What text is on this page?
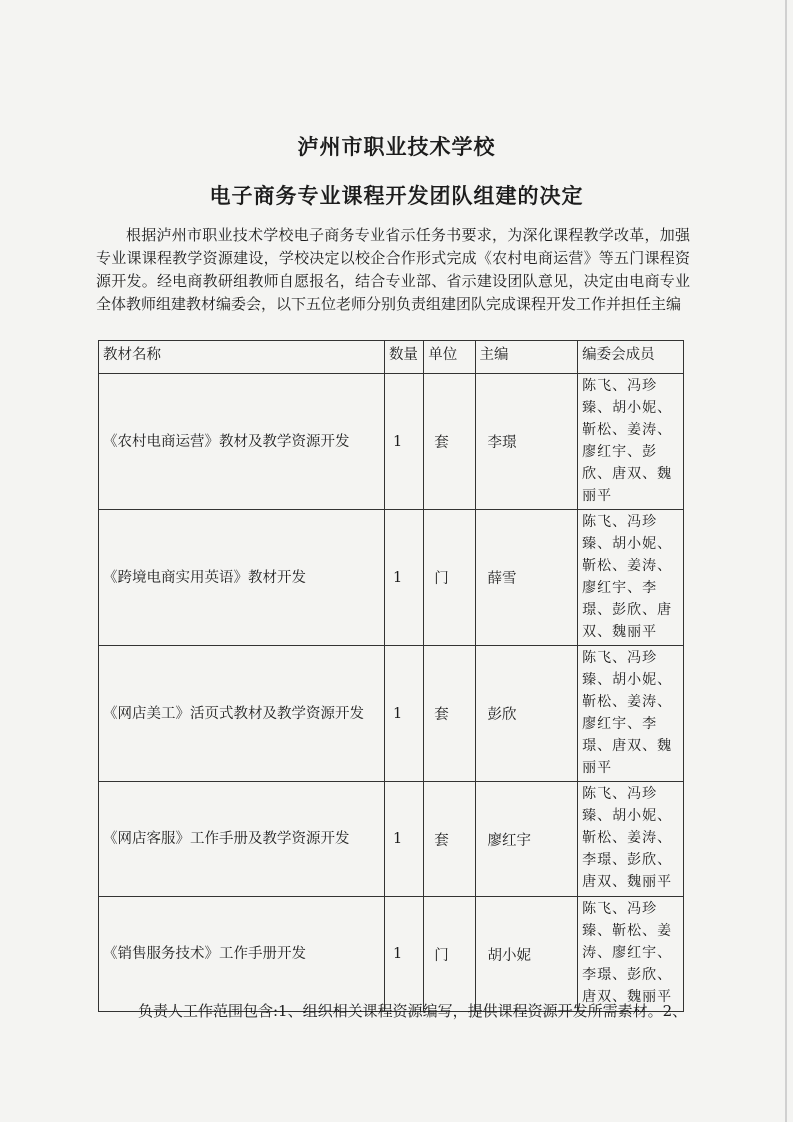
泸州市职业技术学校
电子商务专业课程开发团队组建的决定
根据泸州市职业技术学校电子商务专业省示任务书要求，为深化课程教学改革，加强专业课课程教学资源建设，学校决定以校企合作形式完成《农村电商运营》等五门课程资源开发。经电商教研组教师自愿报名，结合专业部、省示建设团队意见，决定由电商专业全体教师组建教材编委会，以下五位老师分别负责组建团队完成课程开发工作并担任主编
教材名称	数量	单位	主编	编委会成员
《农村电商运营》教材及教学资源开发	1	套	李璟	陈飞、冯珍臻、胡小妮、靳松、姜涛、廖红宇、彭欣、唐双、魏丽平
《跨境电商实用英语》教材开发	1	门	薛雪	陈飞、冯珍臻、胡小妮、靳松、姜涛、廖红宇、李璟、彭欣、唐双、魏丽平
《网店美工》活页式教材及教学资源开发	1	套	彭欣	陈飞、冯珍臻、胡小妮、靳松、姜涛、廖红宇、李璟、唐双、魏丽平
《网店客服》工作手册及教学资源开发	1	套	廖红宇	陈飞、冯珍臻、胡小妮、靳松、姜涛、李璟、彭欣、唐双、魏丽平
《销售服务技术》工作手册开发	1	门	胡小妮	陈飞、冯珍臻、靳松、姜涛、廖红宇、李璟、彭欣、唐双、魏丽平
负责人工作范围包含:1、组织相关课程资源编写，提供课程资源开发所需素材。2、
